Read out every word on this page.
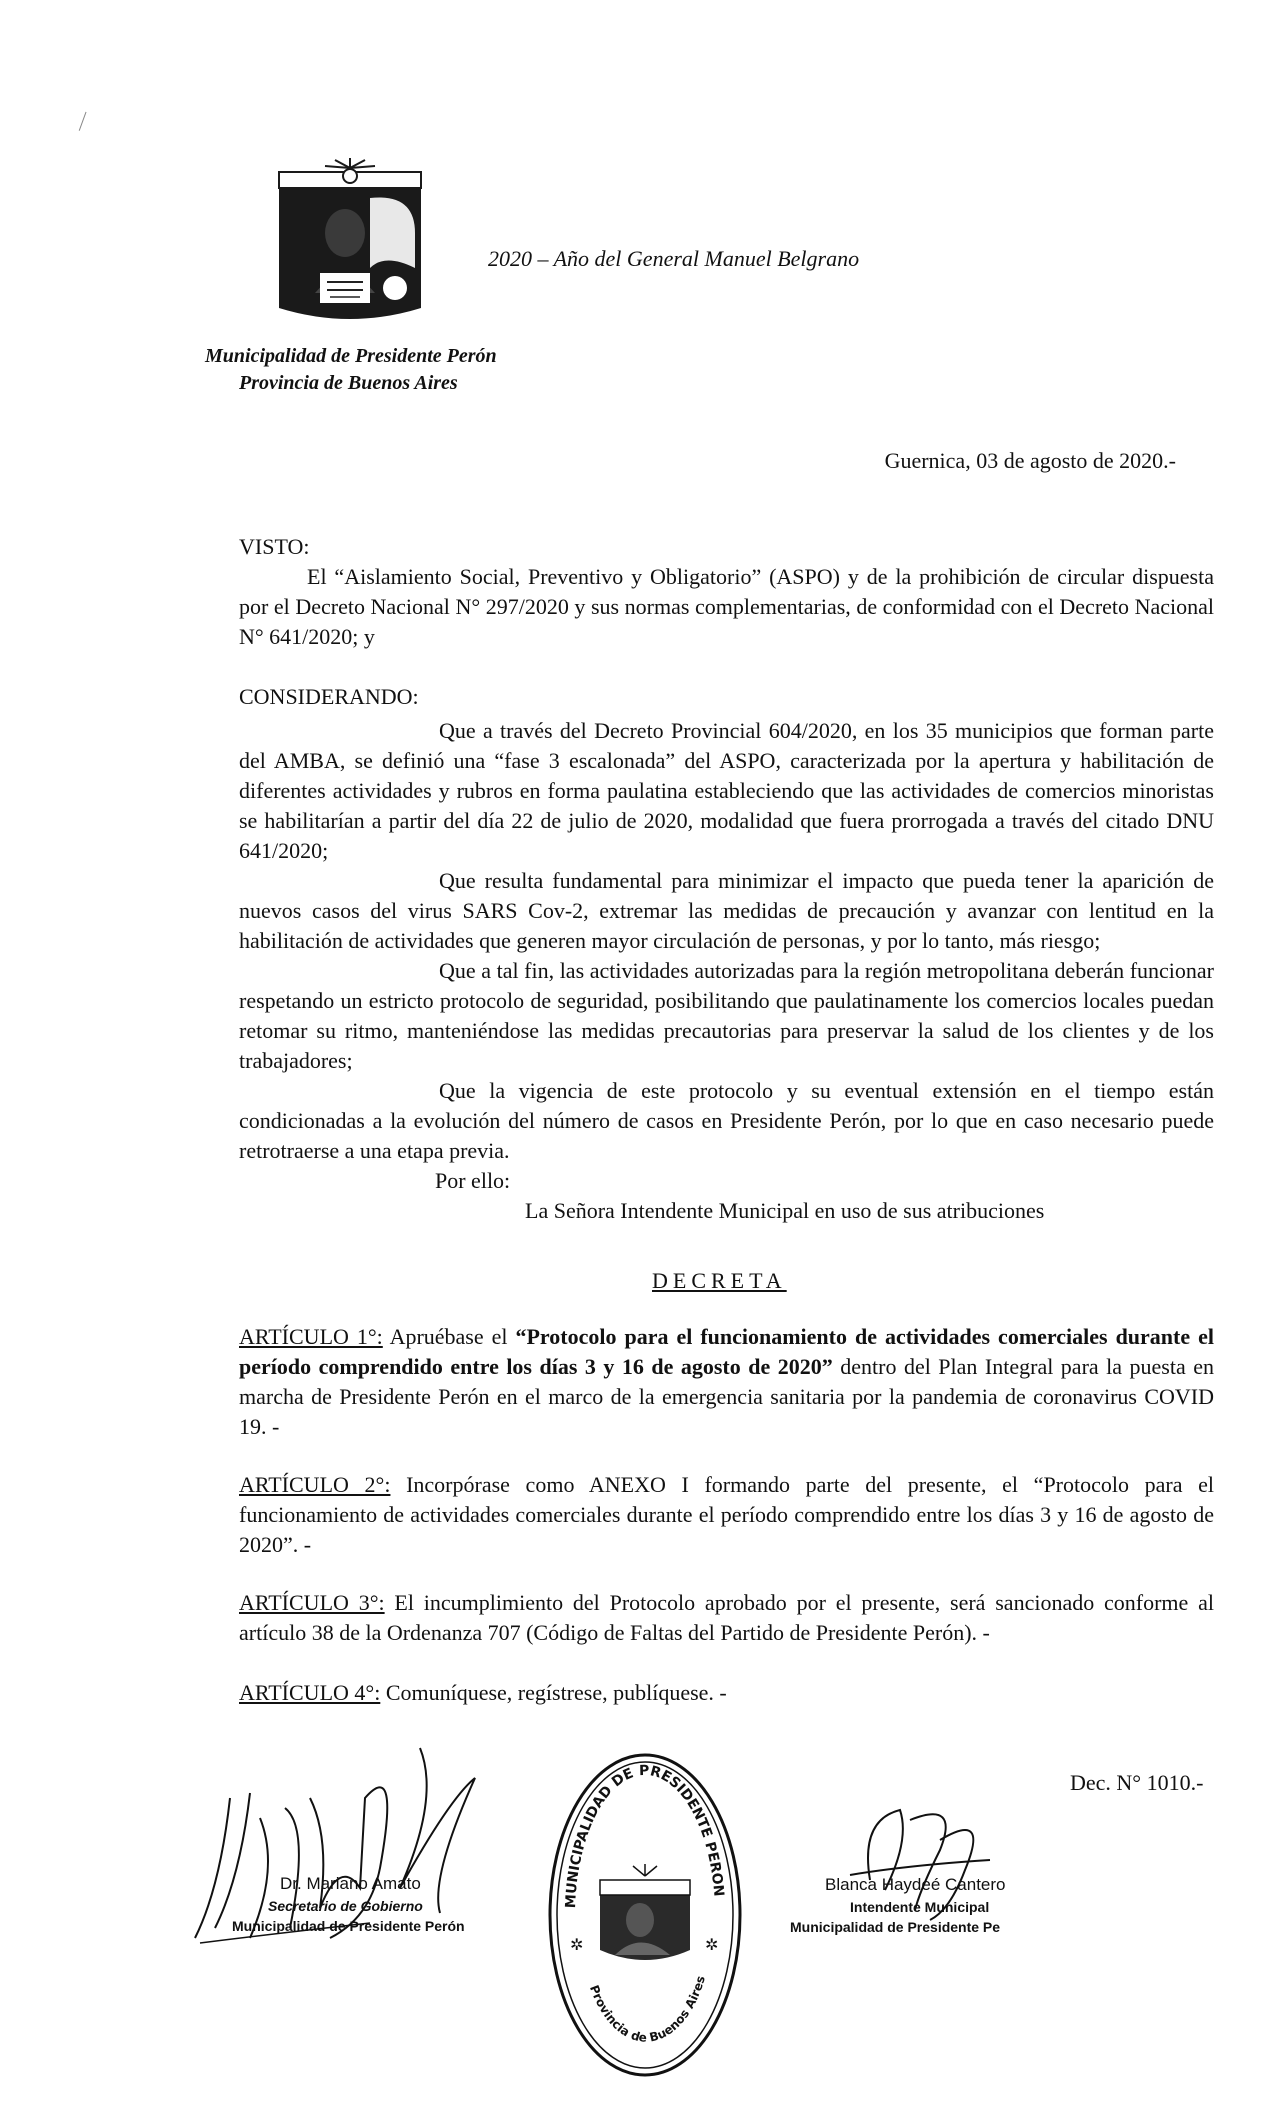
2020 – Año del General Manuel Belgrano
Municipalidad de Presidente Perón
Provincia de Buenos Aires
Guernica, 03 de agosto de 2020.-
VISTO:
El “Aislamiento Social, Preventivo y Obligatorio” (ASPO) y de la prohibición de circular dispuesta por el Decreto Nacional N° 297/2020 y sus normas complementarias, de conformidad con el Decreto Nacional N° 641/2020; y
CONSIDERANDO:
Que a través del Decreto Provincial 604/2020, en los 35 municipios que forman parte del AMBA, se definió una “fase 3 escalonada” del ASPO, caracterizada por la apertura y habilitación de diferentes actividades y rubros en forma paulatina estableciendo que las actividades de comercios minoristas se habilitarían a partir del día 22 de julio de 2020, modalidad que fuera prorrogada a través del citado DNU 641/2020;
Que resulta fundamental para minimizar el impacto que pueda tener la aparición de nuevos casos del virus SARS Cov-2, extremar las medidas de precaución y avanzar con lentitud en la habilitación de actividades que generen mayor circulación de personas, y por lo tanto, más riesgo;
Que a tal fin, las actividades autorizadas para la región metropolitana deberán funcionar respetando un estricto protocolo de seguridad, posibilitando que paulatinamente los comercios locales puedan retomar su ritmo, manteniéndose las medidas precautorias para preservar la salud de los clientes y de los trabajadores;
Que la vigencia de este protocolo y su eventual extensión en el tiempo están condicionadas a la evolución del número de casos en Presidente Perón, por lo que en caso necesario puede retrotraerse a una etapa previa.
Por ello:
La Señora Intendente Municipal en uso de sus atribuciones
DECRETA
ARTÍCULO 1°: Apruébase el “Protocolo para el funcionamiento de actividades comerciales durante el período comprendido entre los días 3 y 16 de agosto de 2020” dentro del Plan Integral para la puesta en marcha de Presidente Perón en el marco de la emergencia sanitaria por la pandemia de coronavirus COVID 19. -
ARTÍCULO 2°: Incorpórase como ANEXO I formando parte del presente, el “Protocolo para el funcionamiento de actividades comerciales durante el período comprendido entre los días 3 y 16 de agosto de 2020”. -
ARTÍCULO 3°: El incumplimiento del Protocolo aprobado por el presente, será sancionado conforme al artículo 38 de la Ordenanza 707 (Código de Faltas del Partido de Presidente Perón). -
ARTÍCULO 4°: Comuníquese, regístrese, publíquese. -
Dec. N° 1010.-
Dr. Mariano Amato
Secretario de Gobierno
Municipalidad de Presidente Perón
MUNICIPALIDAD DE PRESIDENTE PERON
Provincia de Buenos Aires
✲	✲
Blanca Haydeé Cantero
Intendente Municipal
Municipalidad de Presidente Pe
